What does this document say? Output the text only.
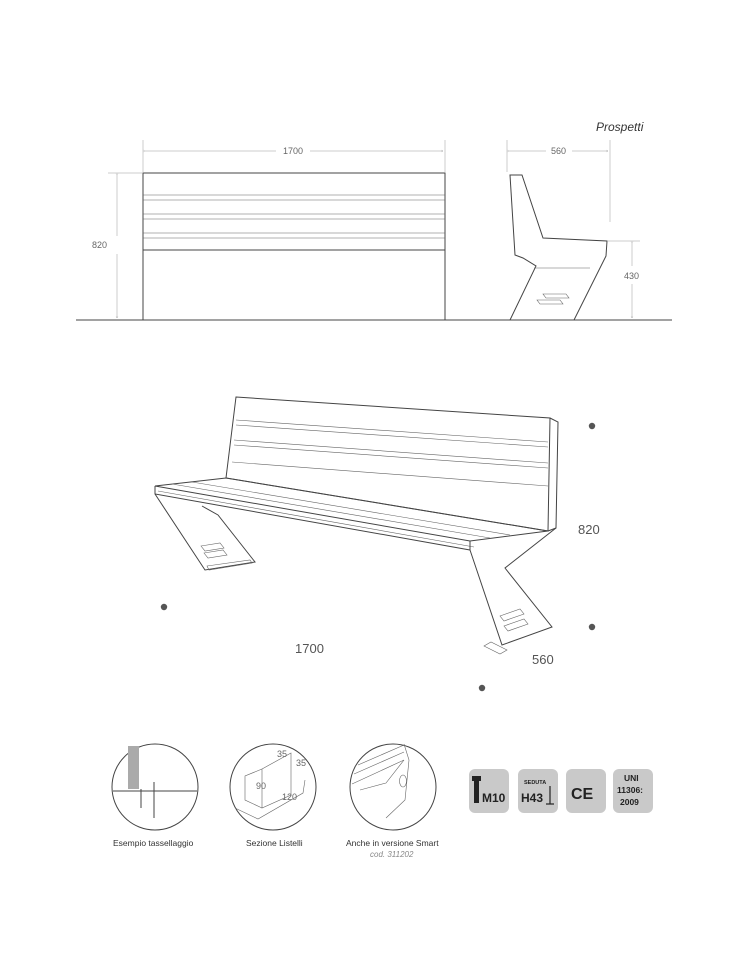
Prospetti
1700
820
560
430
1700
560
820
Esempio tassellaggio
35
35
90
120
Sezione Listelli	Anche in versione Smart
cod. 311202
M10
SEDUTA
H43 CE
UNI
11306:
2009
